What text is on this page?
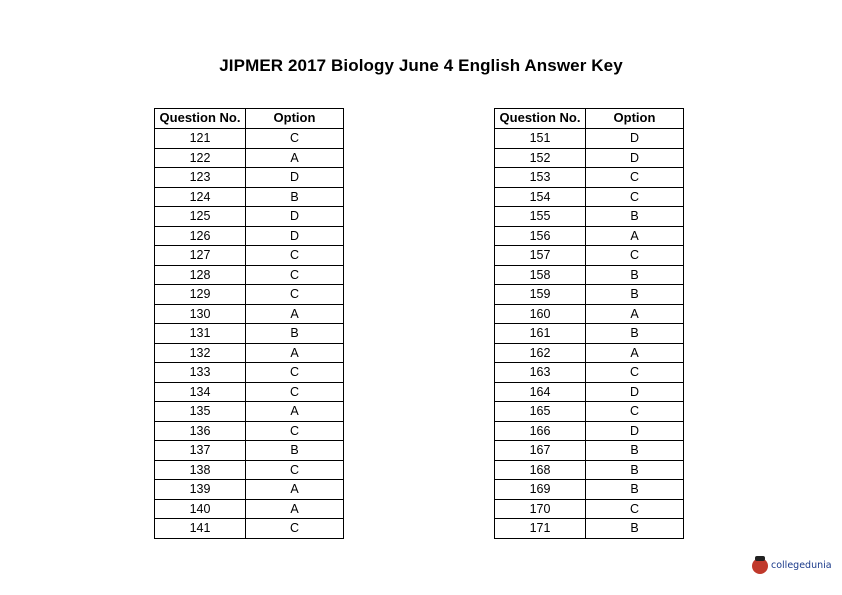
JIPMER 2017 Biology June 4 English Answer Key
Question No.	Option
121	C
122	A
123	D
124	B
125	D
126	D
127	C
128	C
129	C
130	A
131	B
132	A
133	C
134	C
135	A
136	C
137	B
138	C
139	A
140	A
141	C
Question No.	Option
151	D
152	D
153	C
154	C
155	B
156	A
157	C
158	B
159	B
160	A
161	B
162	A
163	C
164	D
165	C
166	D
167	B
168	B
169	B
170	C
171	B
collegedunia
